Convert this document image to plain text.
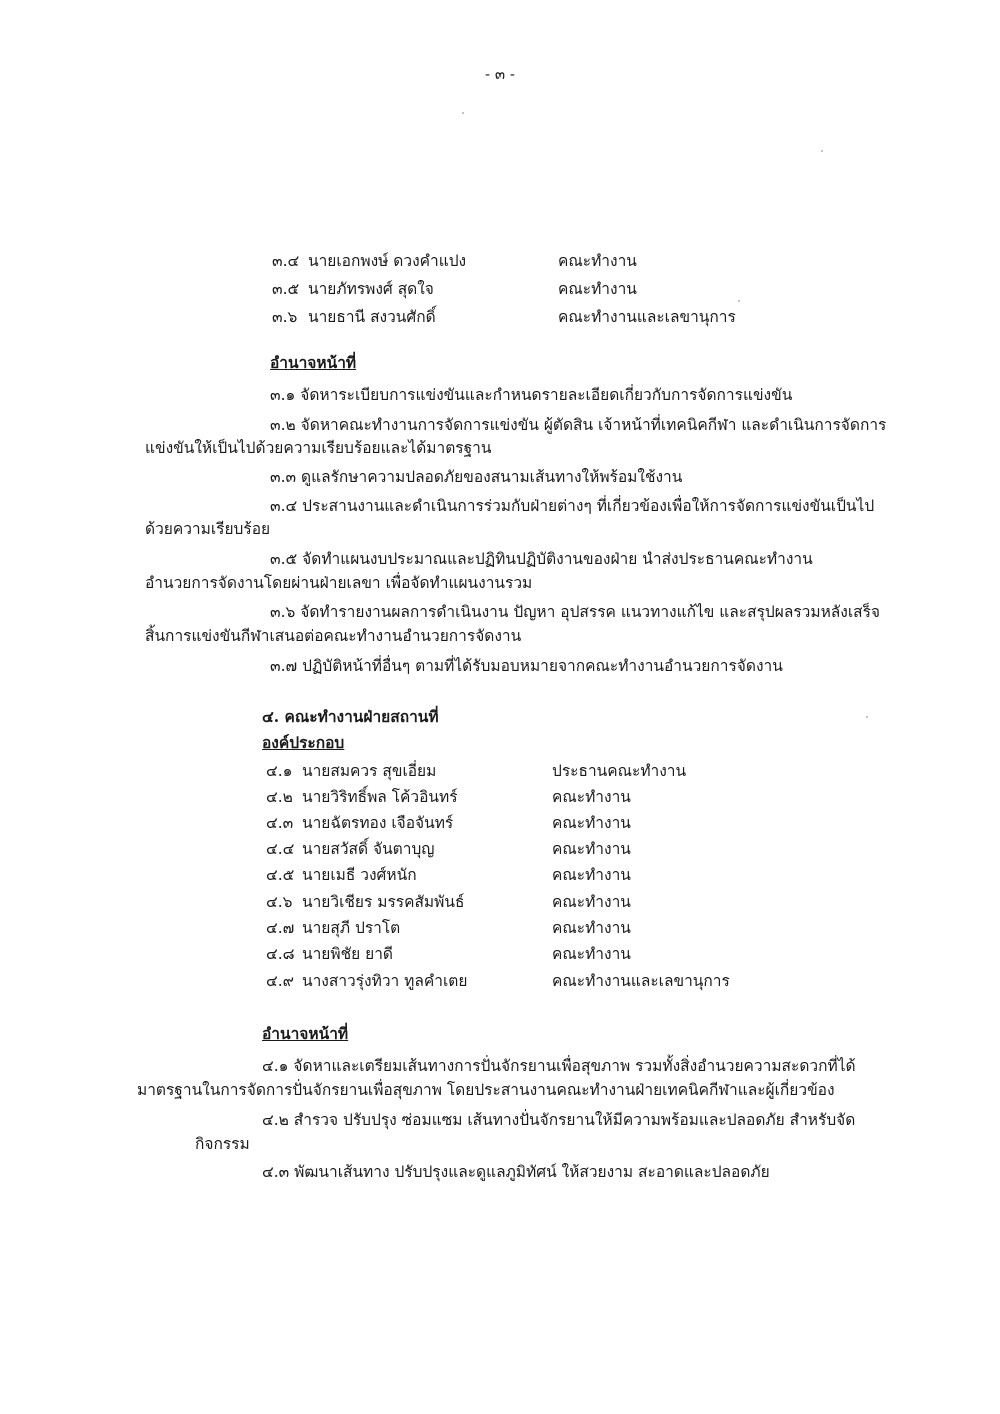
- ๓ -
๓.๔ นายเอกพงษ์ ดวงคำแปง	คณะทำงาน
๓.๕ นายภัทรพงศ์ สุดใจ	คณะทำงาน
๓.๖ นายธานี สงวนศักดิ์	คณะทำงานและเลขานุการ
อำนาจหน้าที่
๓.๑ จัดหาระเบียบการแข่งขันและกำหนดรายละเอียดเกี่ยวกับการจัดการแข่งขัน
๓.๒ จัดหาคณะทำงานการจัดการแข่งขัน ผู้ตัดสิน เจ้าหน้าที่เทคนิคกีฬา และดำเนินการจัดการ
แข่งขันให้เป็นไปด้วยความเรียบร้อยและได้มาตรฐาน
๓.๓ ดูแลรักษาความปลอดภัยของสนามเส้นทางให้พร้อมใช้งาน
๓.๔ ประสานงานและดำเนินการร่วมกับฝ่ายต่างๆ ที่เกี่ยวข้องเพื่อให้การจัดการแข่งขันเป็นไป
ด้วยความเรียบร้อย
๓.๕ จัดทำแผนงบประมาณและปฏิทินปฏิบัติงานของฝ่าย นำส่งประธานคณะทำงาน
อำนวยการจัดงานโดยผ่านฝ่ายเลขา เพื่อจัดทำแผนงานรวม
๓.๖ จัดทำรายงานผลการดำเนินงาน ปัญหา อุปสรรค แนวทางแก้ไข และสรุปผลรวมหลังเสร็จ
สิ้นการแข่งขันกีฬาเสนอต่อคณะทำงานอำนวยการจัดงาน
๓.๗ ปฏิบัติหน้าที่อื่นๆ ตามที่ได้รับมอบหมายจากคณะทำงานอำนวยการจัดงาน
๔. คณะทำงานฝ่ายสถานที่
องค์ประกอบ
๔.๑ นายสมควร สุขเอี่ยม	ประธานคณะทำงาน
๔.๒ นายวิริทธิ์พล โค้วอินทร์	คณะทำงาน
๔.๓ นายฉัตรทอง เจือจันทร์	คณะทำงาน
๔.๔ นายสวัสดิ์ จันตาบุญ	คณะทำงาน
๔.๕ นายเมธี วงศ์หนัก	คณะทำงาน
๔.๖ นายวิเชียร มรรคสัมพันธ์	คณะทำงาน
๔.๗ นายสุภี ปราโต	คณะทำงาน
๔.๘ นายพิชัย ยาดี	คณะทำงาน
๔.๙ นางสาวรุ่งทิวา ทูลคำเตย	คณะทำงานและเลขานุการ
อำนาจหน้าที่
๔.๑ จัดหาและเตรียมเส้นทางการปั่นจักรยานเพื่อสุขภาพ รวมทั้งสิ่งอำนวยความสะดวกที่ได้
มาตรฐานในการจัดการปั่นจักรยานเพื่อสุขภาพ โดยประสานงานคณะทำงานฝ่ายเทคนิคกีฬาและผู้เกี่ยวข้อง
๔.๒ สำรวจ ปรับปรุง ซ่อมแซม เส้นทางปั่นจักรยานให้มีความพร้อมและปลอดภัย สำหรับจัด
กิจกรรม
๔.๓ พัฒนาเส้นทาง ปรับปรุงและดูแลภูมิทัศน์ ให้สวยงาม สะอาดและปลอดภัย
